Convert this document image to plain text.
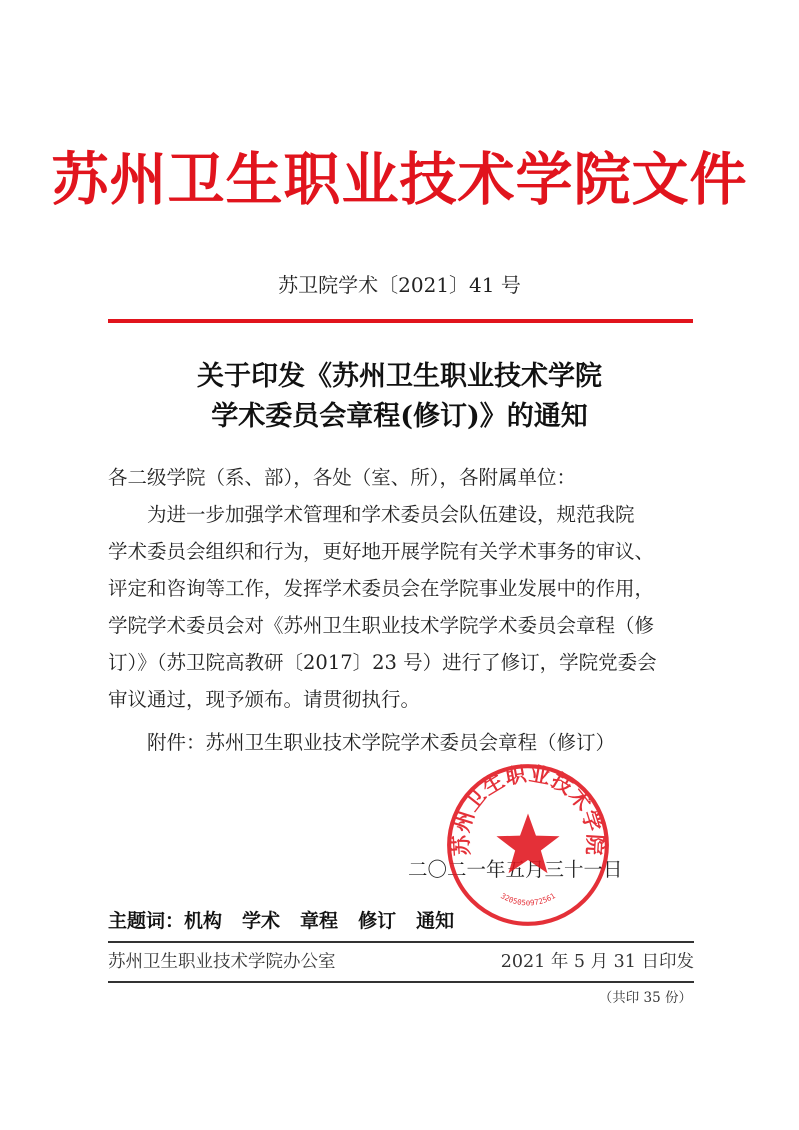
苏州卫生职业技术学院文件
苏卫院学术〔2021〕41 号
关于印发《苏州卫生职业技术学院
学术委员会章程(修订)》的通知
各二级学院（系、部），各处（室、所），各附属单位：
　　为进一步加强学术管理和学术委员会队伍建设，规范我院
学术委员会组织和行为，更好地开展学院有关学术事务的审议、
评定和咨询等工作，发挥学术委员会在学院事业发展中的作用，
学院学术委员会对《苏州卫生职业技术学院学术委员会章程（修
订）》（苏卫院高教研〔2017〕23 号）进行了修订，学院党委会
审议通过，现予颁布。请贯彻执行。
　　附件：苏州卫生职业技术学院学术委员会章程（修订）
二〇二一年五月三十一日
苏州卫生职业技术学院
3205050972561
主题词：机构 学术 章程 修订 通知
苏州卫生职业技术学院办公室	2021 年 5 月 31 日印发
（共印 35 份）
